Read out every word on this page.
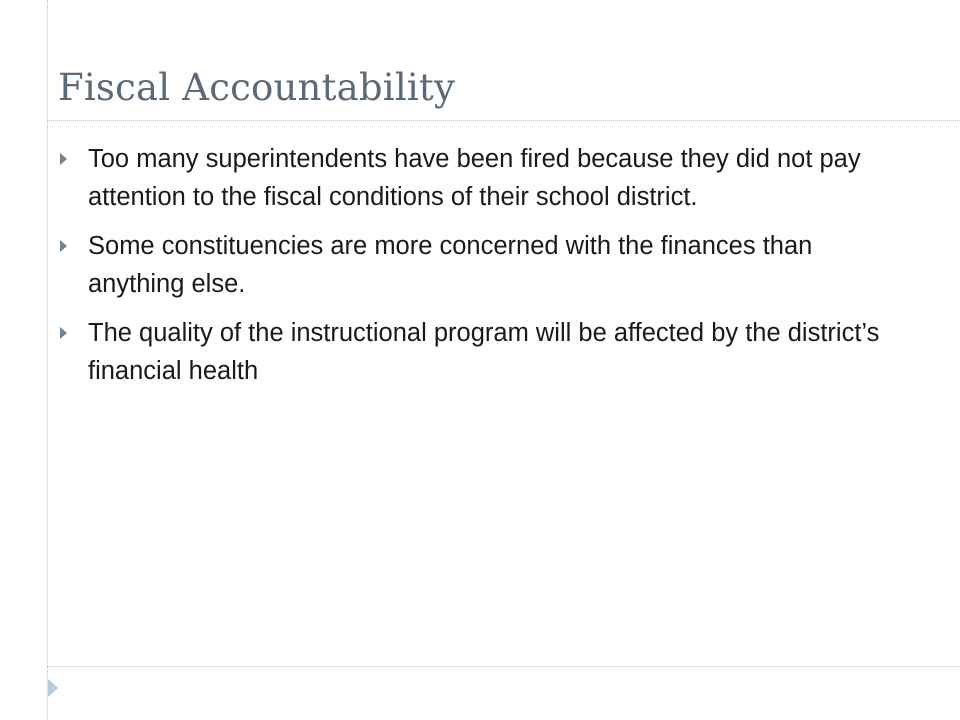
Fiscal Accountability
Too many superintendents have been fired because they did not pay attention to the fiscal conditions of their school district.
Some constituencies are more concerned with the finances than anything else.
The quality of the instructional program will be affected by the district’s financial health
